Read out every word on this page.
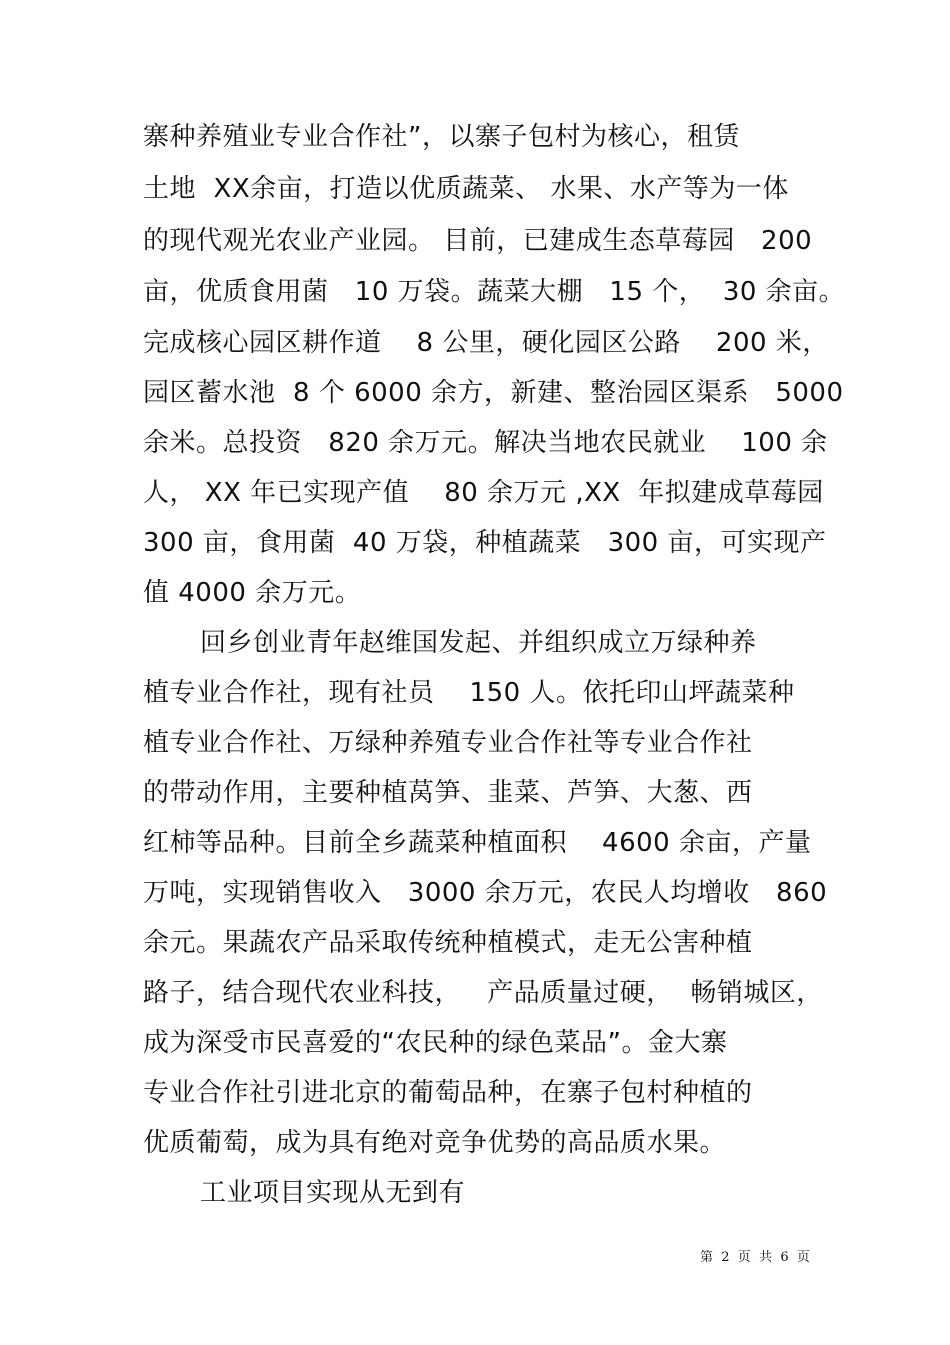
寨种养殖业专业合作社”，以寨子包村为核心，租赁
土地  XX余亩，打造以优质蔬菜、 水果、水产等为一体
的现代观光农业产业园。 目前，已建成生态草莓园   200
亩，优质食用菌   10 万袋。蔬菜大棚   15 个，  30 余亩。
完成核心园区耕作道    8 公里，硬化园区公路    200 米，
园区蓄水池  8 个 6000 余方，新建、整治园区渠系   5000
余米。总投资   820 余万元。解决当地农民就业    100 余
人， XX 年已实现产值    80 余万元 ,XX  年拟建成草莓园
300 亩，食用菌  40 万袋，种植蔬菜   300 亩，可实现产
值 4000 余万元。
回乡创业青年赵维国发起、并组织成立万绿种养
植专业合作社，现有社员    150 人。依托印山坪蔬菜种
植专业合作社、万绿种养殖专业合作社等专业合作社
的带动作用，主要种植莴笋、韭菜、芦笋、大葱、西
红柿等品种。目前全乡蔬菜种植面积    4600 余亩，产量
万吨，实现销售收入   3000 余万元，农民人均增收   860
余元。果蔬农产品采取传统种植模式，走无公害种植
路子，结合现代农业科技，   产品质量过硬，  畅销城区，
成为深受市民喜爱的“农民种的绿色菜品”。金大寨
专业合作社引进北京的葡萄品种，在寨子包村种植的
优质葡萄，成为具有绝对竞争优势的高品质水果。
工业项目实现从无到有
第  2  页  共  6  页
